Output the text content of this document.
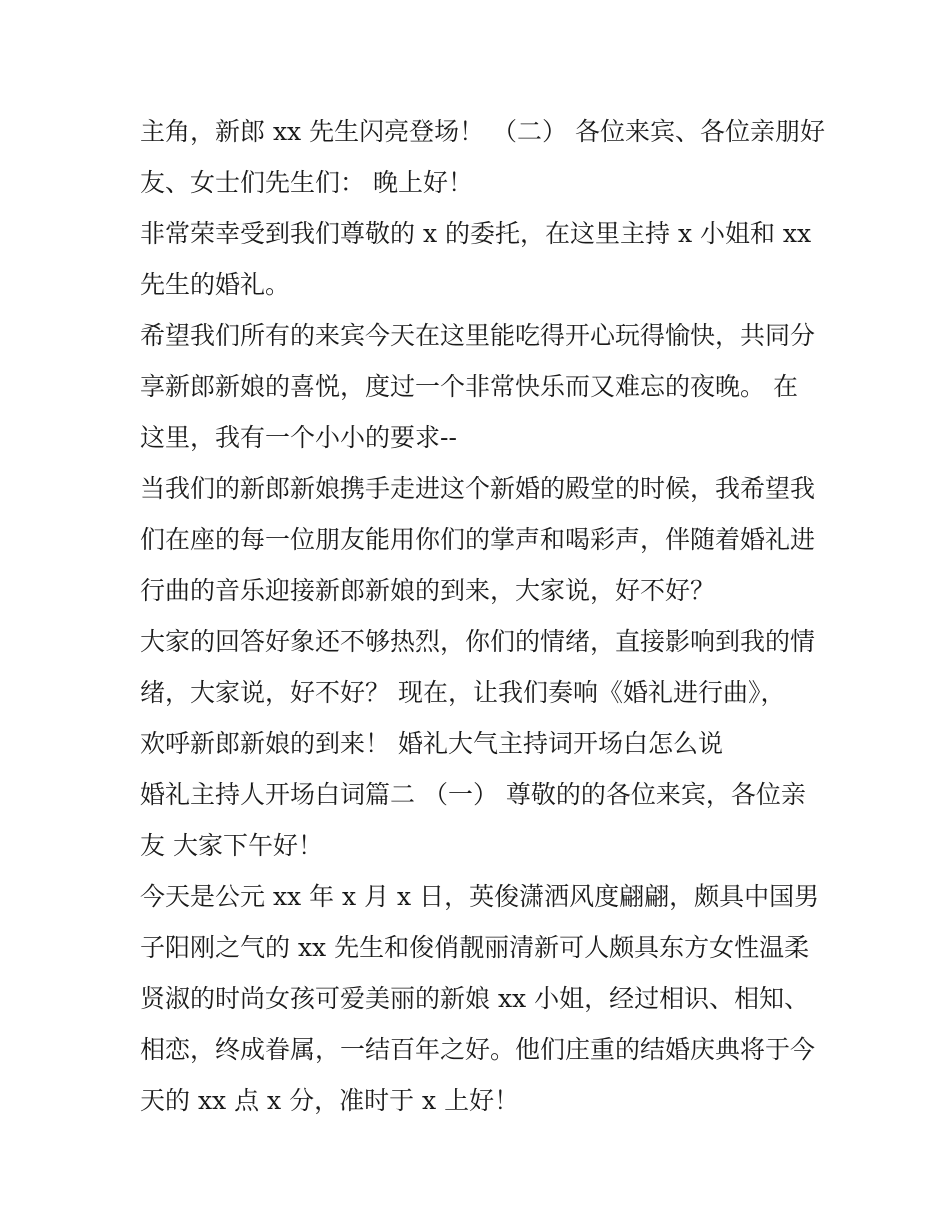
主角，新郎 xx 先生闪亮登场！ （二） 各位来宾、各位亲朋好
友、女士们先生们： 晚上好！
非常荣幸受到我们尊敬的 x 的委托，在这里主持 x 小姐和 xx
先生的婚礼。
希望我们所有的来宾今天在这里能吃得开心玩得愉快，共同分
享新郎新娘的喜悦，度过一个非常快乐而又难忘的夜晚。 在
这里，我有一个小小的要求--
当我们的新郎新娘携手走进这个新婚的殿堂的时候，我希望我
们在座的每一位朋友能用你们的掌声和喝彩声，伴随着婚礼进
行曲的音乐迎接新郎新娘的到来，大家说，好不好？
大家的回答好象还不够热烈，你们的情绪，直接影响到我的情
绪，大家说，好不好？ 现在，让我们奏响《婚礼进行曲》，
欢呼新郎新娘的到来！ 婚礼大气主持词开场白怎么说
婚礼主持人开场白词篇二 （一） 尊敬的的各位来宾，各位亲
友 大家下午好！
今天是公元 xx 年 x 月 x 日，英俊潇洒风度翩翩，颇具中国男
子阳刚之气的 xx 先生和俊俏靓丽清新可人颇具东方女性温柔
贤淑的时尚女孩可爱美丽的新娘 xx 小姐，经过相识、相知、
相恋，终成眷属，一结百年之好。他们庄重的结婚庆典将于今
天的 xx 点 x 分，准时于 x 上好！
